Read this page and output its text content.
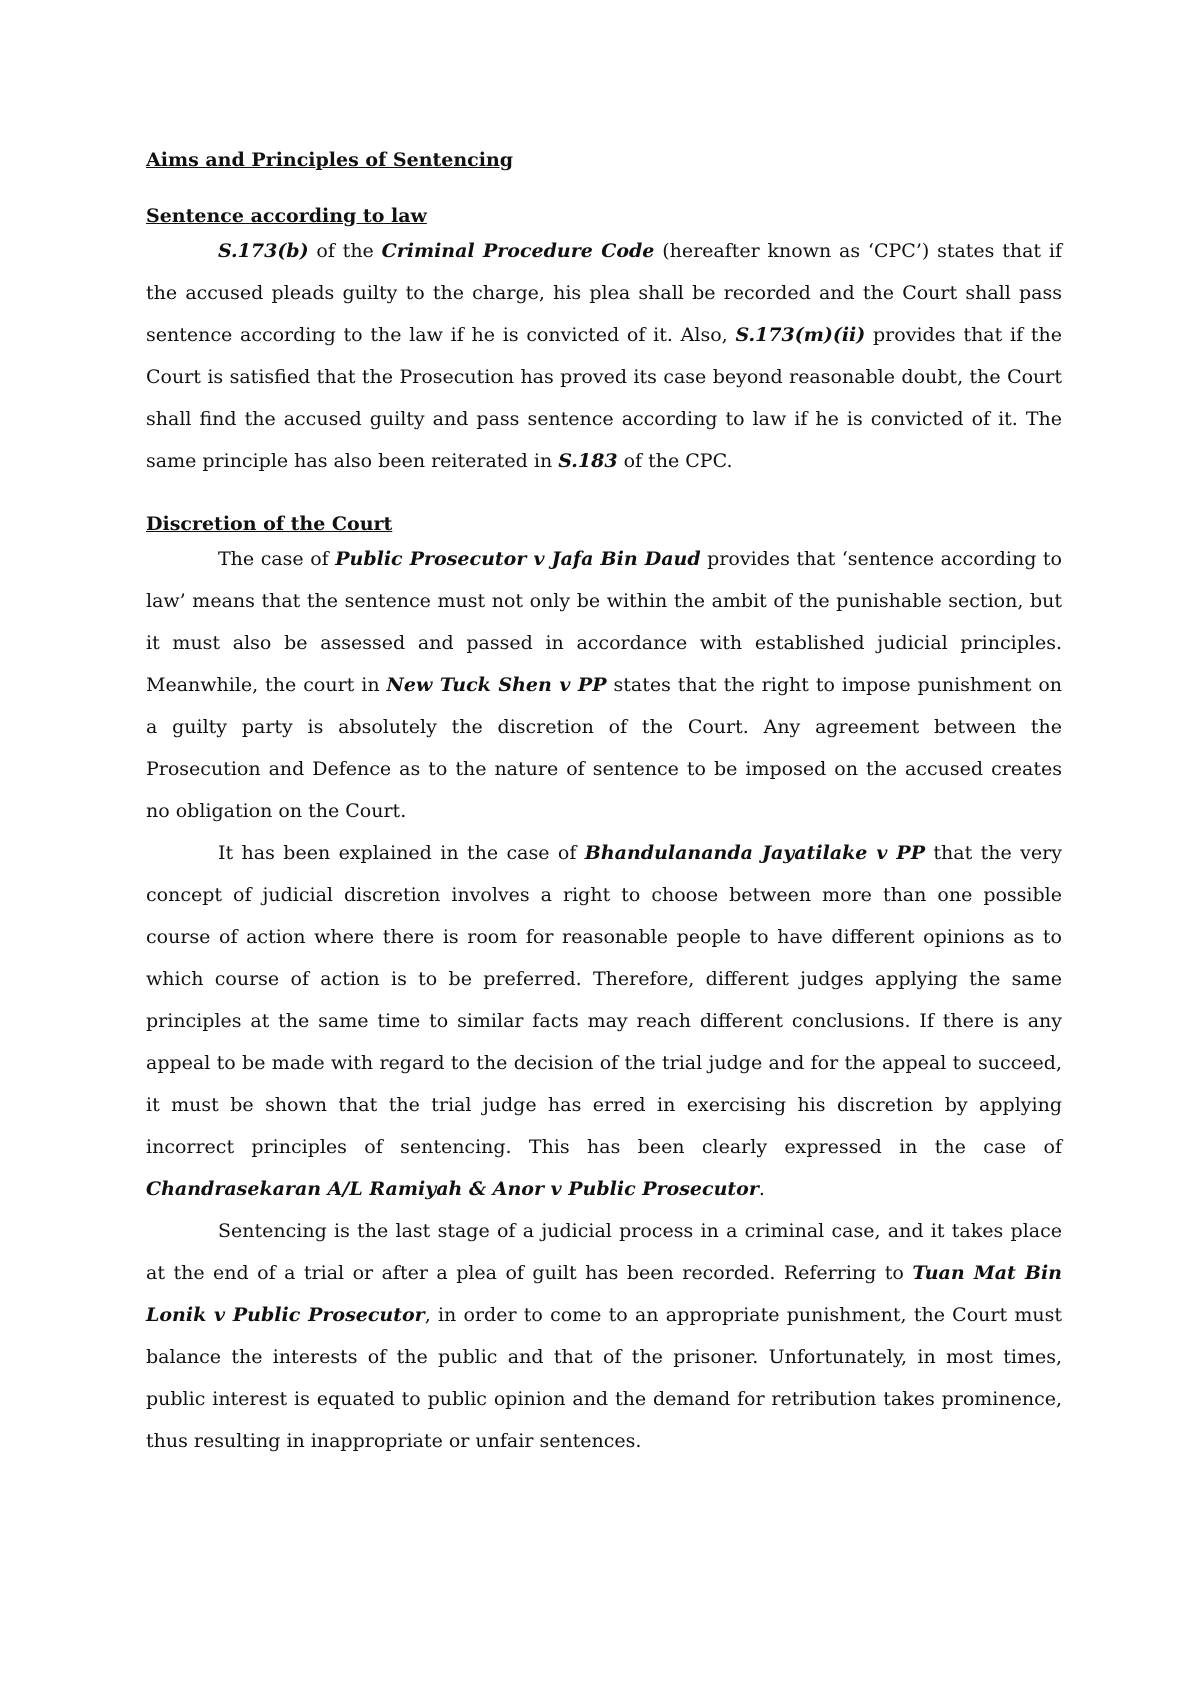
Aims and Principles of Sentencing
Sentence according to law

S.173(b) of the Criminal Procedure Code (hereafter known as ‘CPC’) states that if the accused pleads guilty to the charge, his plea shall be recorded and the Court shall pass sentence according to the law if he is convicted of it. Also, S.173(m)(ii) provides that if the Court is satisfied that the Prosecution has proved its case beyond reasonable doubt, the Court shall find the accused guilty and pass sentence according to law if he is convicted of it. The same principle has also been reiterated in S.183 of the CPC.

Discretion of the Court

The case of Public Prosecutor v Jafa Bin Daud provides that ‘sentence according to law’ means that the sentence must not only be within the ambit of the punishable section, but it must also be assessed and passed in accordance with established judicial principles. Meanwhile, the court in New Tuck Shen v PP states that the right to impose punishment on a guilty party is absolutely the discretion of the Court. Any agreement between the Prosecution and Defence as to the nature of sentence to be imposed on the accused creates no obligation on the Court.

It has been explained in the case of Bhandulananda Jayatilake v PP that the very concept of judicial discretion involves a right to choose between more than one possible course of action where there is room for reasonable people to have different opinions as to which course of action is to be preferred. Therefore, different judges applying the same principles at the same time to similar facts may reach different conclusions. If there is any appeal to be made with regard to the decision of the trial judge and for the appeal to succeed, it must be shown that the trial judge has erred in exercising his discretion by applying incorrect principles of sentencing. This has been clearly expressed in the case of Chandrasekaran A/L Ramiyah & Anor v Public Prosecutor.

Sentencing is the last stage of a judicial process in a criminal case, and it takes place at the end of a trial or after a plea of guilt has been recorded. Referring to Tuan Mat Bin Lonik v Public Prosecutor, in order to come to an appropriate punishment, the Court must balance the interests of the public and that of the prisoner. Unfortunately, in most times, public interest is equated to public opinion and the demand for retribution takes prominence, thus resulting in inappropriate or unfair sentences.
